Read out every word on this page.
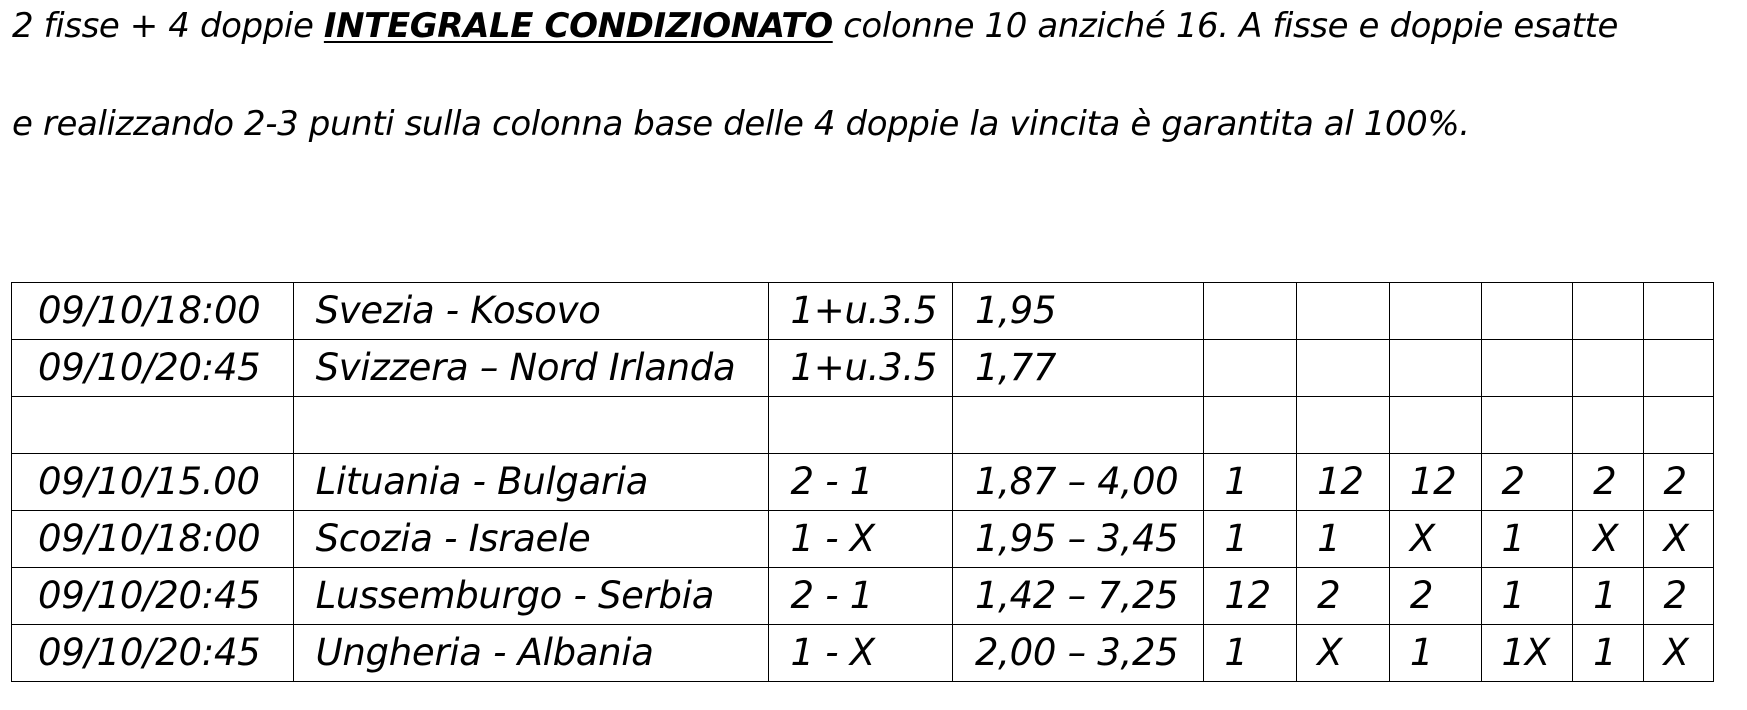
2 fisse + 4 doppie INTEGRALE CONDIZIONATO colonne 10 anziché 16. A fisse e doppie esatte

e realizzando 2-3 punti sulla colonna base delle 4 doppie la vincita è garantita al 100%.

09/10/18:00	Svezia - Kosovo	1+u.3.5	1,95						
09/10/20:45	Svizzera – Nord Irlanda	1+u.3.5	1,77						

09/10/15.00	Lituania - Bulgaria	2 - 1	1,87 – 4,00	1	12	12	2	2	2
09/10/18:00	Scozia - Israele	1 - X	1,95 – 3,45	1	1	X	1	X	X
09/10/20:45	Lussemburgo - Serbia	2 - 1	1,42 – 7,25	12	2	2	1	1	2
09/10/20:45	Ungheria - Albania	1 - X	2,00 – 3,25	1	X	1	1X	1	X
